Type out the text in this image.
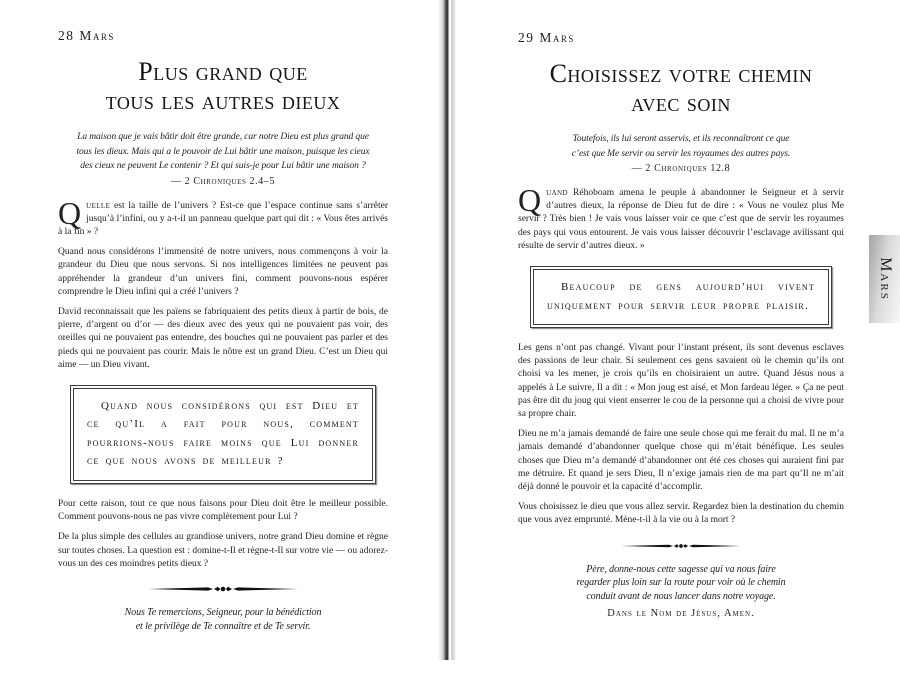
28 Mars
Plus grand que
tous les autres dieux
La maison que je vais bâtir doit être grande, car notre Dieu est plus grand que
tous les dieux. Mais qui a le pouvoir de Lui bâtir une maison, puisque les cieux
des cieux ne peuvent Le contenir ? Et qui suis-je pour Lui bâtir une maison ?
— 2 Chroniques 2.4–5

Quelle est la taille de l’univers ? Est-ce que l’espace continue sans s’arrêter jusqu’à l’infini, ou y a-t-il un panneau quelque part qui dit : « Vous êtes arrivés à la fin » ?

Quand nous considérons l’immensité de notre univers, nous commençons à voir la grandeur du Dieu que nous servons. Si nos intelligences limitées ne peuvent pas appréhender la grandeur d’un univers fini, comment pouvons-nous espérer comprendre le Dieu infini qui a créé l’univers ?

David reconnaissait que les païens se fabriquaient des petits dieux à partir de bois, de pierre, d’argent ou d’or — des dieux avec des yeux qui ne pouvaient pas voir, des oreilles qui ne pouvaient pas entendre, des bouches qui ne pouvaient pas parler et des pieds qui ne pouvaient pas courir. Mais le nôtre est un grand Dieu. C’est un Dieu qui aime — un Dieu vivant.

Quand nous considérons qui est Dieu et ce qu’Il a fait pour nous, comment pourrions-nous faire moins que Lui donner ce que nous avons de meilleur ?

Pour cette raison, tout ce que nous faisons pour Dieu doit être le meilleur possible. Comment pouvons-nous ne pas vivre complètement pour Lui ?

De la plus simple des cellules au grandiose univers, notre grand Dieu domine et règne sur toutes choses. La question est : domine-t-Il et règne-t-Il sur votre vie — ou adorez-vous un des ces moindres petits dieux ?

Nous Te remercions, Seigneur, pour la bénédiction
et le privilège de Te connaître et de Te servir.
29 Mars
Choisissez votre chemin
avec soin
Toutefois, ils lui seront asservis, et ils reconnaîtront ce que
c’est que Me servir ou servir les royaumes des autres pays.
— 2 Chroniques 12.8

Quand Réhoboam amena le peuple à abandonner le Seigneur et à servir d’autres dieux, la réponse de Dieu fut de dire : « Vous ne voulez plus Me servir ? Très bien ! Je vais vous laisser voir ce que c’est que de servir les royaumes des pays qui vous entourent. Je vais vous laisser découvrir l’esclavage avilissant qui résulte de servir d’autres dieux. »

Beaucoup de gens aujourd’hui vivent uniquement pour servir leur propre plaisir.

Les gens n’ont pas changé. Vivant pour l’instant présent, ils sont devenus esclaves des passions de leur chair. Si seulement ces gens savaient où le chemin qu’ils ont choisi va les mener, je crois qu’ils en choisiraient un autre. Quand Jésus nous a appelés à Le suivre, Il a dit : « Mon joug est aisé, et Mon fardeau léger. » Ça ne peut pas être dit du joug qui vient enserrer le cou de la personne qui a choisi de vivre pour sa propre chair.

Dieu ne m’a jamais demandé de faire une seule chose qui me ferait du mal. Il ne m’a jamais demandé d’abandonner quelque chose qui m’était bénéfique. Les seules choses que Dieu m’a demandé d’abandonner ont été ces choses qui auraient fini par me détruire. Et quand je sers Dieu, Il n’exige jamais rien de ma part qu’Il ne m’ait déjà donné le pouvoir et la capacité d’accomplir.

Vous choisissez le dieu que vous allez servir. Regardez bien la destination du chemin que vous avez emprunté. Mène-t-il à la vie ou à la mort ?

Père, donne-nous cette sagesse qui va nous faire
regarder plus loin sur la route pour voir où le chemin
conduit avant de nous lancer dans notre voyage.
Dans le Nom de Jésus, Amen.
Mars
